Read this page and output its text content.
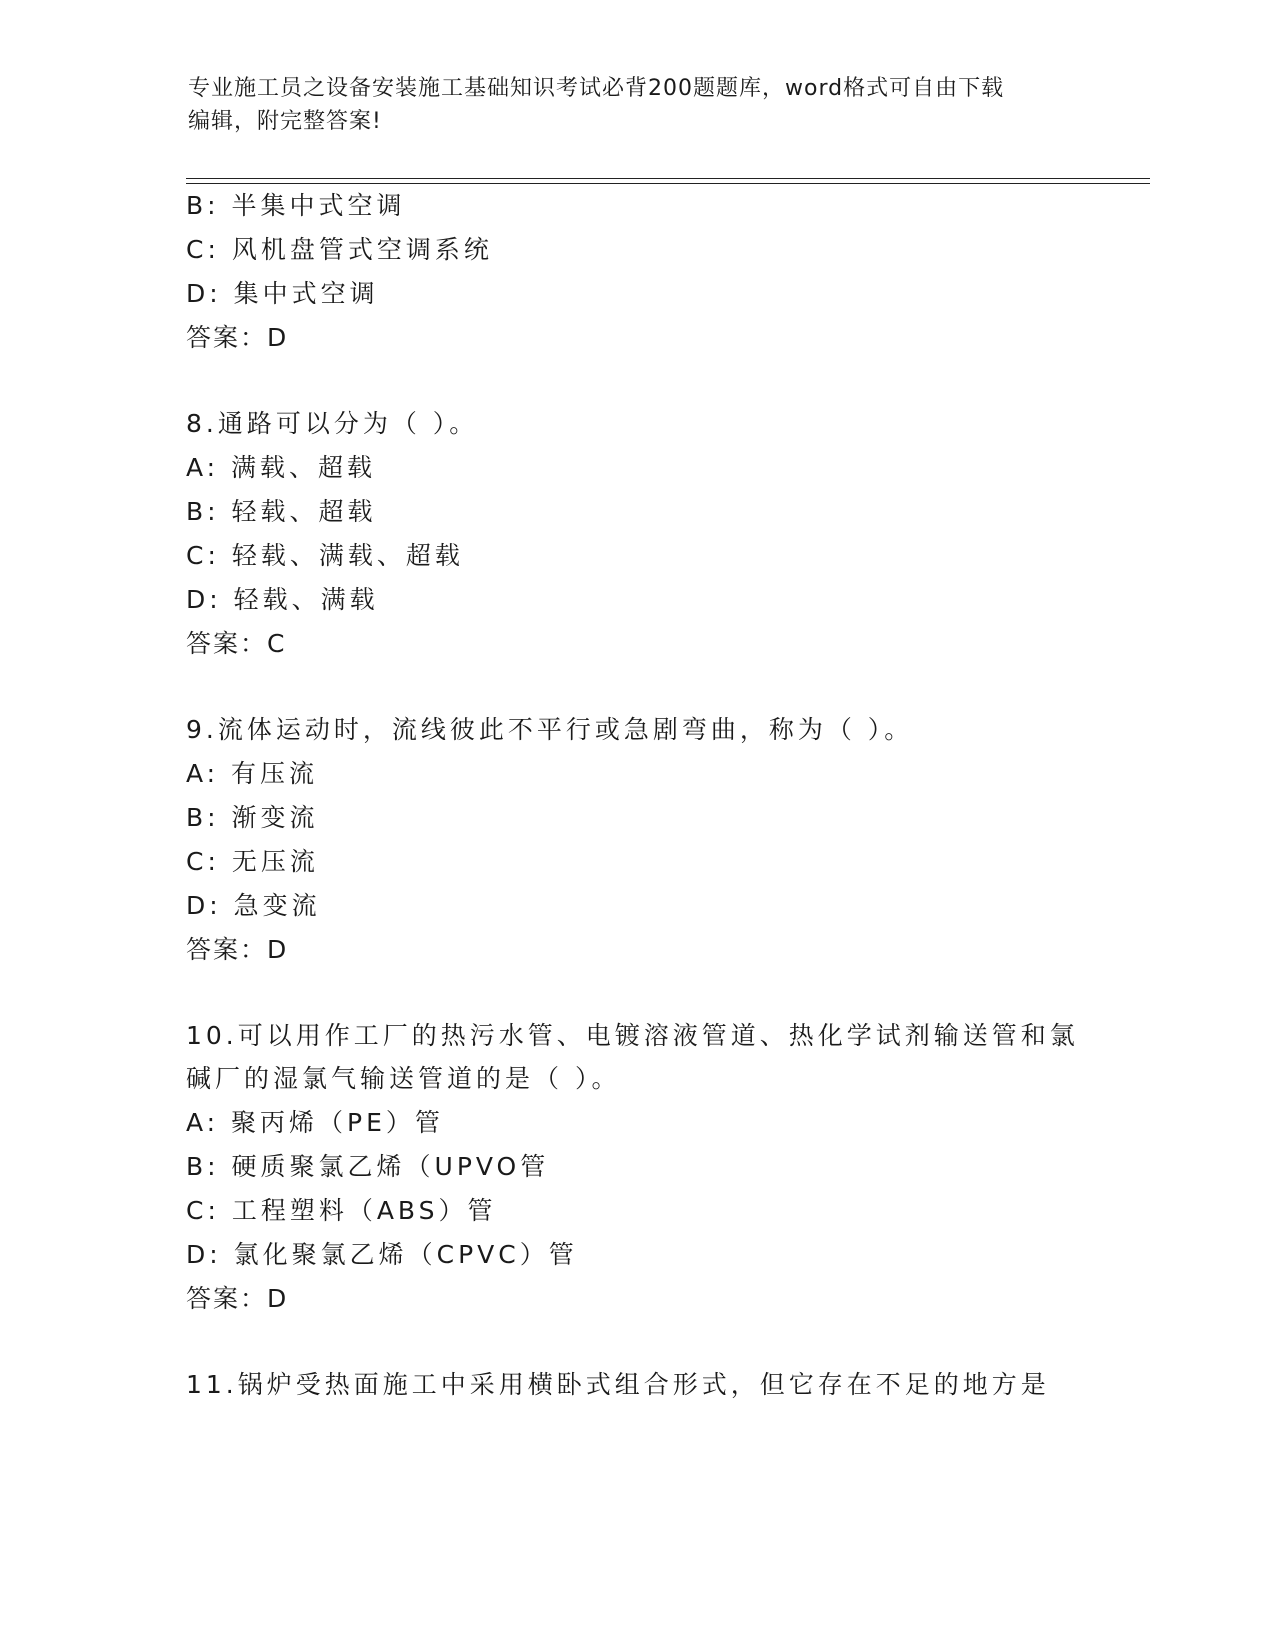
专业施工员之设备安装施工基础知识考试必背200题题库，word格式可自由下载
编辑，附完整答案!
B: 半集中式空调
C: 风机盘管式空调系统
D: 集中式空调
答案：D
8.通路可以分为（ ）。
A: 满载、超载
B: 轻载、超载
C: 轻载、满载、超载
D: 轻载、满载
答案：C
9.流体运动时，流线彼此不平行或急剧弯曲，称为（ ）。
A: 有压流
B: 渐变流
C: 无压流
D: 急变流
答案：D
10.可以用作工厂的热污水管、电镀溶液管道、热化学试剂输送管和氯
碱厂的湿氯气输送管道的是（ ）。
A: 聚丙烯（PE）管
B: 硬质聚氯乙烯（UPVO管
C: 工程塑料（ABS）管
D: 氯化聚氯乙烯（CPVC）管
答案：D
11.锅炉受热面施工中采用横卧式组合形式，但它存在不足的地方是
